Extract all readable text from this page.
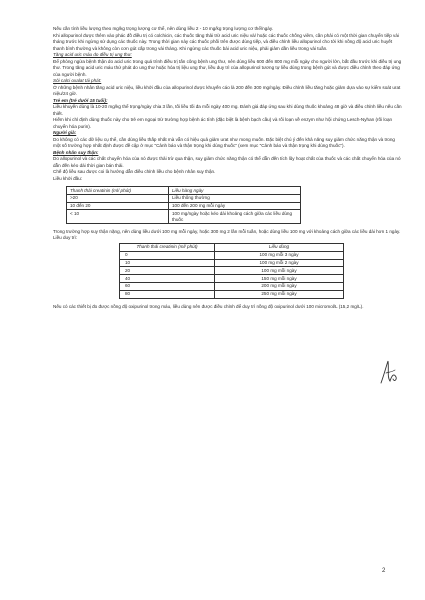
Nếu cần tính liều lượng theo mg/kg trọng lượng cơ thể, nên dùng liều 2 - 10 mg/kg trọng lượng cơ thể/ngày.

Khi allopurinol được thêm vào phác đồ điều trị có colchicin, các thuốc tăng thải trừ acid uric niệu và/ hoặc các thuốc chống viêm, cần phải có một thời gian chuyển tiếp vài tháng trước khi ngừng sử dụng các thuốc này. Trong thời gian này các thuốc phối trên được dùng tiếp, và điều chỉnh liều allopurinol cho tới khi nồng độ acid uric huyết thanh bình thường và không còn cơn gút cấp trong vài tháng. Khi ngừng các thuốc bài acid uric niệu, phải giảm dần liều trong vài tuần.

Tăng acid uric máu do điều trị ung thư:

Để phòng ngừa bệnh thận do acid uric trong quá trình điều trị tấn công bệnh ung thư, nên dùng liều 600 đến 800 mg mỗi ngày cho người lớn, bắt đầu trước khi điều trị ung thư. Trong tăng acid uric máu thứ phát do ung thư hoặc hóa trị liệu ung thư, liều duy trì của allopurinol tương tự liều dùng trong bệnh gút và được điều chỉnh theo đáp ứng của người bệnh.

Sỏi calci oxalat tái phát:

Ở những bệnh nhân tăng acid uric niệu, liều khởi đầu của allopurinol được khuyến cáo là 200 đến 300 mg/ngày. Điều chỉnh liều tăng hoặc giảm dựa vào sự kiểm soát urat niệu/24 giờ.

Trẻ em (trẻ dưới 15 tuổi):

Liều khuyến dùng là 10-20 mg/kg thể trọng/ngày chia 3 lần, tối liều tối đa mỗi ngày 400 mg. Đánh giá đáp ứng sau khi dùng thuốc khoảng 48 giờ và điều chỉnh liều nếu cần thiết.

Hiếm khi chỉ định dùng thuốc này cho trẻ em ngoại trừ trường hợp bệnh ác tính (đặc biệt là bệnh bạch cầu) và rối loạn về enzym như hội chứng Lesch-Nyhan (rối loạn chuyển hóa purin).

Người già:

Do không có các dữ liệu cụ thể, cần dùng liều thấp nhất mà vẫn có hiệu quả giảm urat như mong muốn. Đặc biệt chú ý đến khả năng suy giảm chức năng thận và trong một số trường hợp nhất định được đề cập ở mục "Cảnh báo và thận trọng khi dùng thuốc" (xem mục "Cảnh báo và thận trọng khi dùng thuốc").

Bệnh nhân suy thận:

Do allopurinol và các chất chuyển hóa của nó được thải trừ qua thận, suy giảm chức năng thận có thể dẫn đến tích lũy hoạt chất của thuốc và các chất chuyển hóa của nó dẫn đến kéo dài thời gian bán thải.

Chế độ liều sau được coi là hướng dẫn điều chỉnh liều cho bệnh nhân suy thận.

Liều khởi đầu:

Thanh thải creatinin (ml/ phút)	Liều hàng ngày
>20	Liều thông thường
10 đến 20	100 đến 200 mg mỗi ngày
< 10	100 mg/ngày hoặc kéo dài khoảng cách giữa các liều dùng thuốc

Trong trường hợp suy thận nặng, nên dùng liều dưới 100 mg mỗi ngày, hoặc 300 mg 2 lần mỗi tuần, hoặc dùng liều 100 mg với khoảng cách giữa các liều dài hơn 1 ngày.

Liều duy trì:

Thanh thải creatinin (ml/ phút)	Liều dùng
0	100 mg mỗi 3 ngày
10	100 mg mỗi 2 ngày
20	100 mg mỗi ngày
40	150 mg mỗi ngày
60	200 mg mỗi ngày
80	250 mg mỗi ngày

Nếu có các thiết bị đo được nồng độ oxipurinol trong máu, liều dùng nên được điều chỉnh để duy trì nồng độ oxipurinol dưới 100 micromol/L (15,2 mg/L).

2
